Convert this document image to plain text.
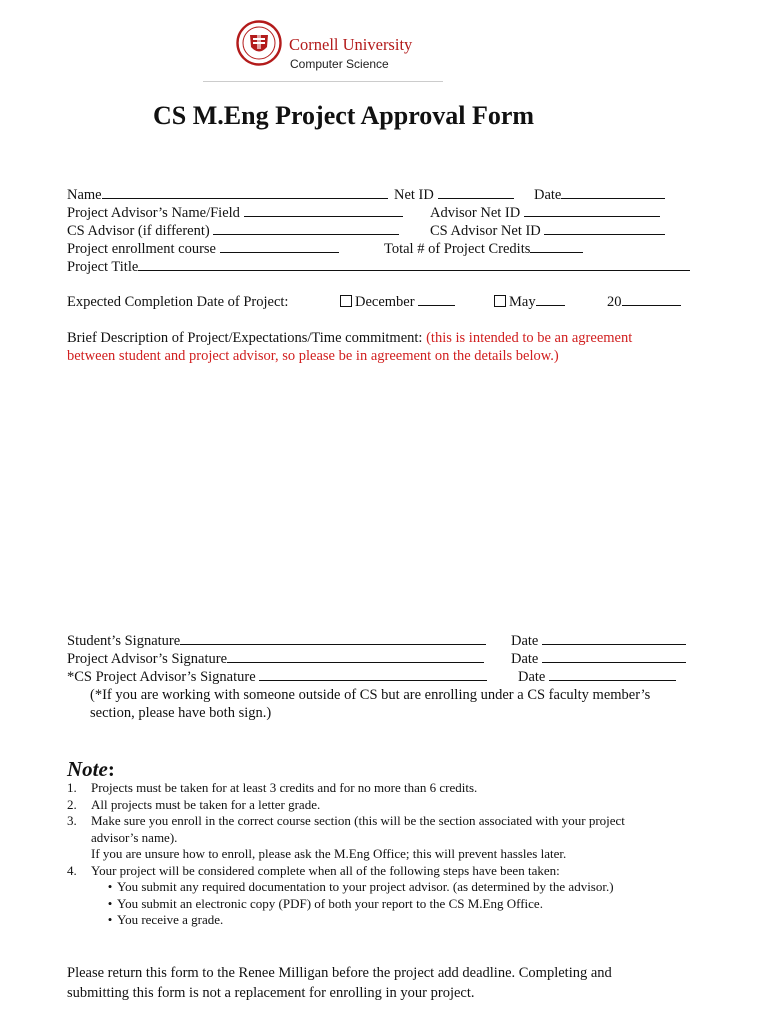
Cornell University
Computer Science
CS M.Eng Project Approval Form
Name	Net ID	Date
Project Advisor’s Name/Field	Advisor Net ID
CS Advisor (if different)	CS Advisor Net ID
Project enrollment course	Total # of Project Credits
Project Title
Expected Completion Date of Project:	December	May	20
Brief Description of Project/Expectations/Time commitment: (this is intended to be an agreement
between student and project advisor, so please be in agreement on the details below.)
Student’s Signature	Date
Project Advisor’s Signature	Date
*CS Project Advisor’s Signature	Date
(*If you are working with someone outside of CS but are enrolling under a CS faculty member’s
section, please have both sign.)
Note:
1. Projects must be taken for at least 3 credits and for no more than 6 credits.
2. All projects must be taken for a letter grade.
3. Make sure you enroll in the correct course section (this will be the section associated with your project
advisor’s name).
If you are unsure how to enroll, please ask the M.Eng Office; this will prevent hassles later.
4. Your project will be considered complete when all of the following steps have been taken:
• You submit any required documentation to your project advisor. (as determined by the advisor.)
• You submit an electronic copy (PDF) of both your report to the CS M.Eng Office.
• You receive a grade.
Please return this form to the Renee Milligan before the project add deadline. Completing and
submitting this form is not a replacement for enrolling in your project.
